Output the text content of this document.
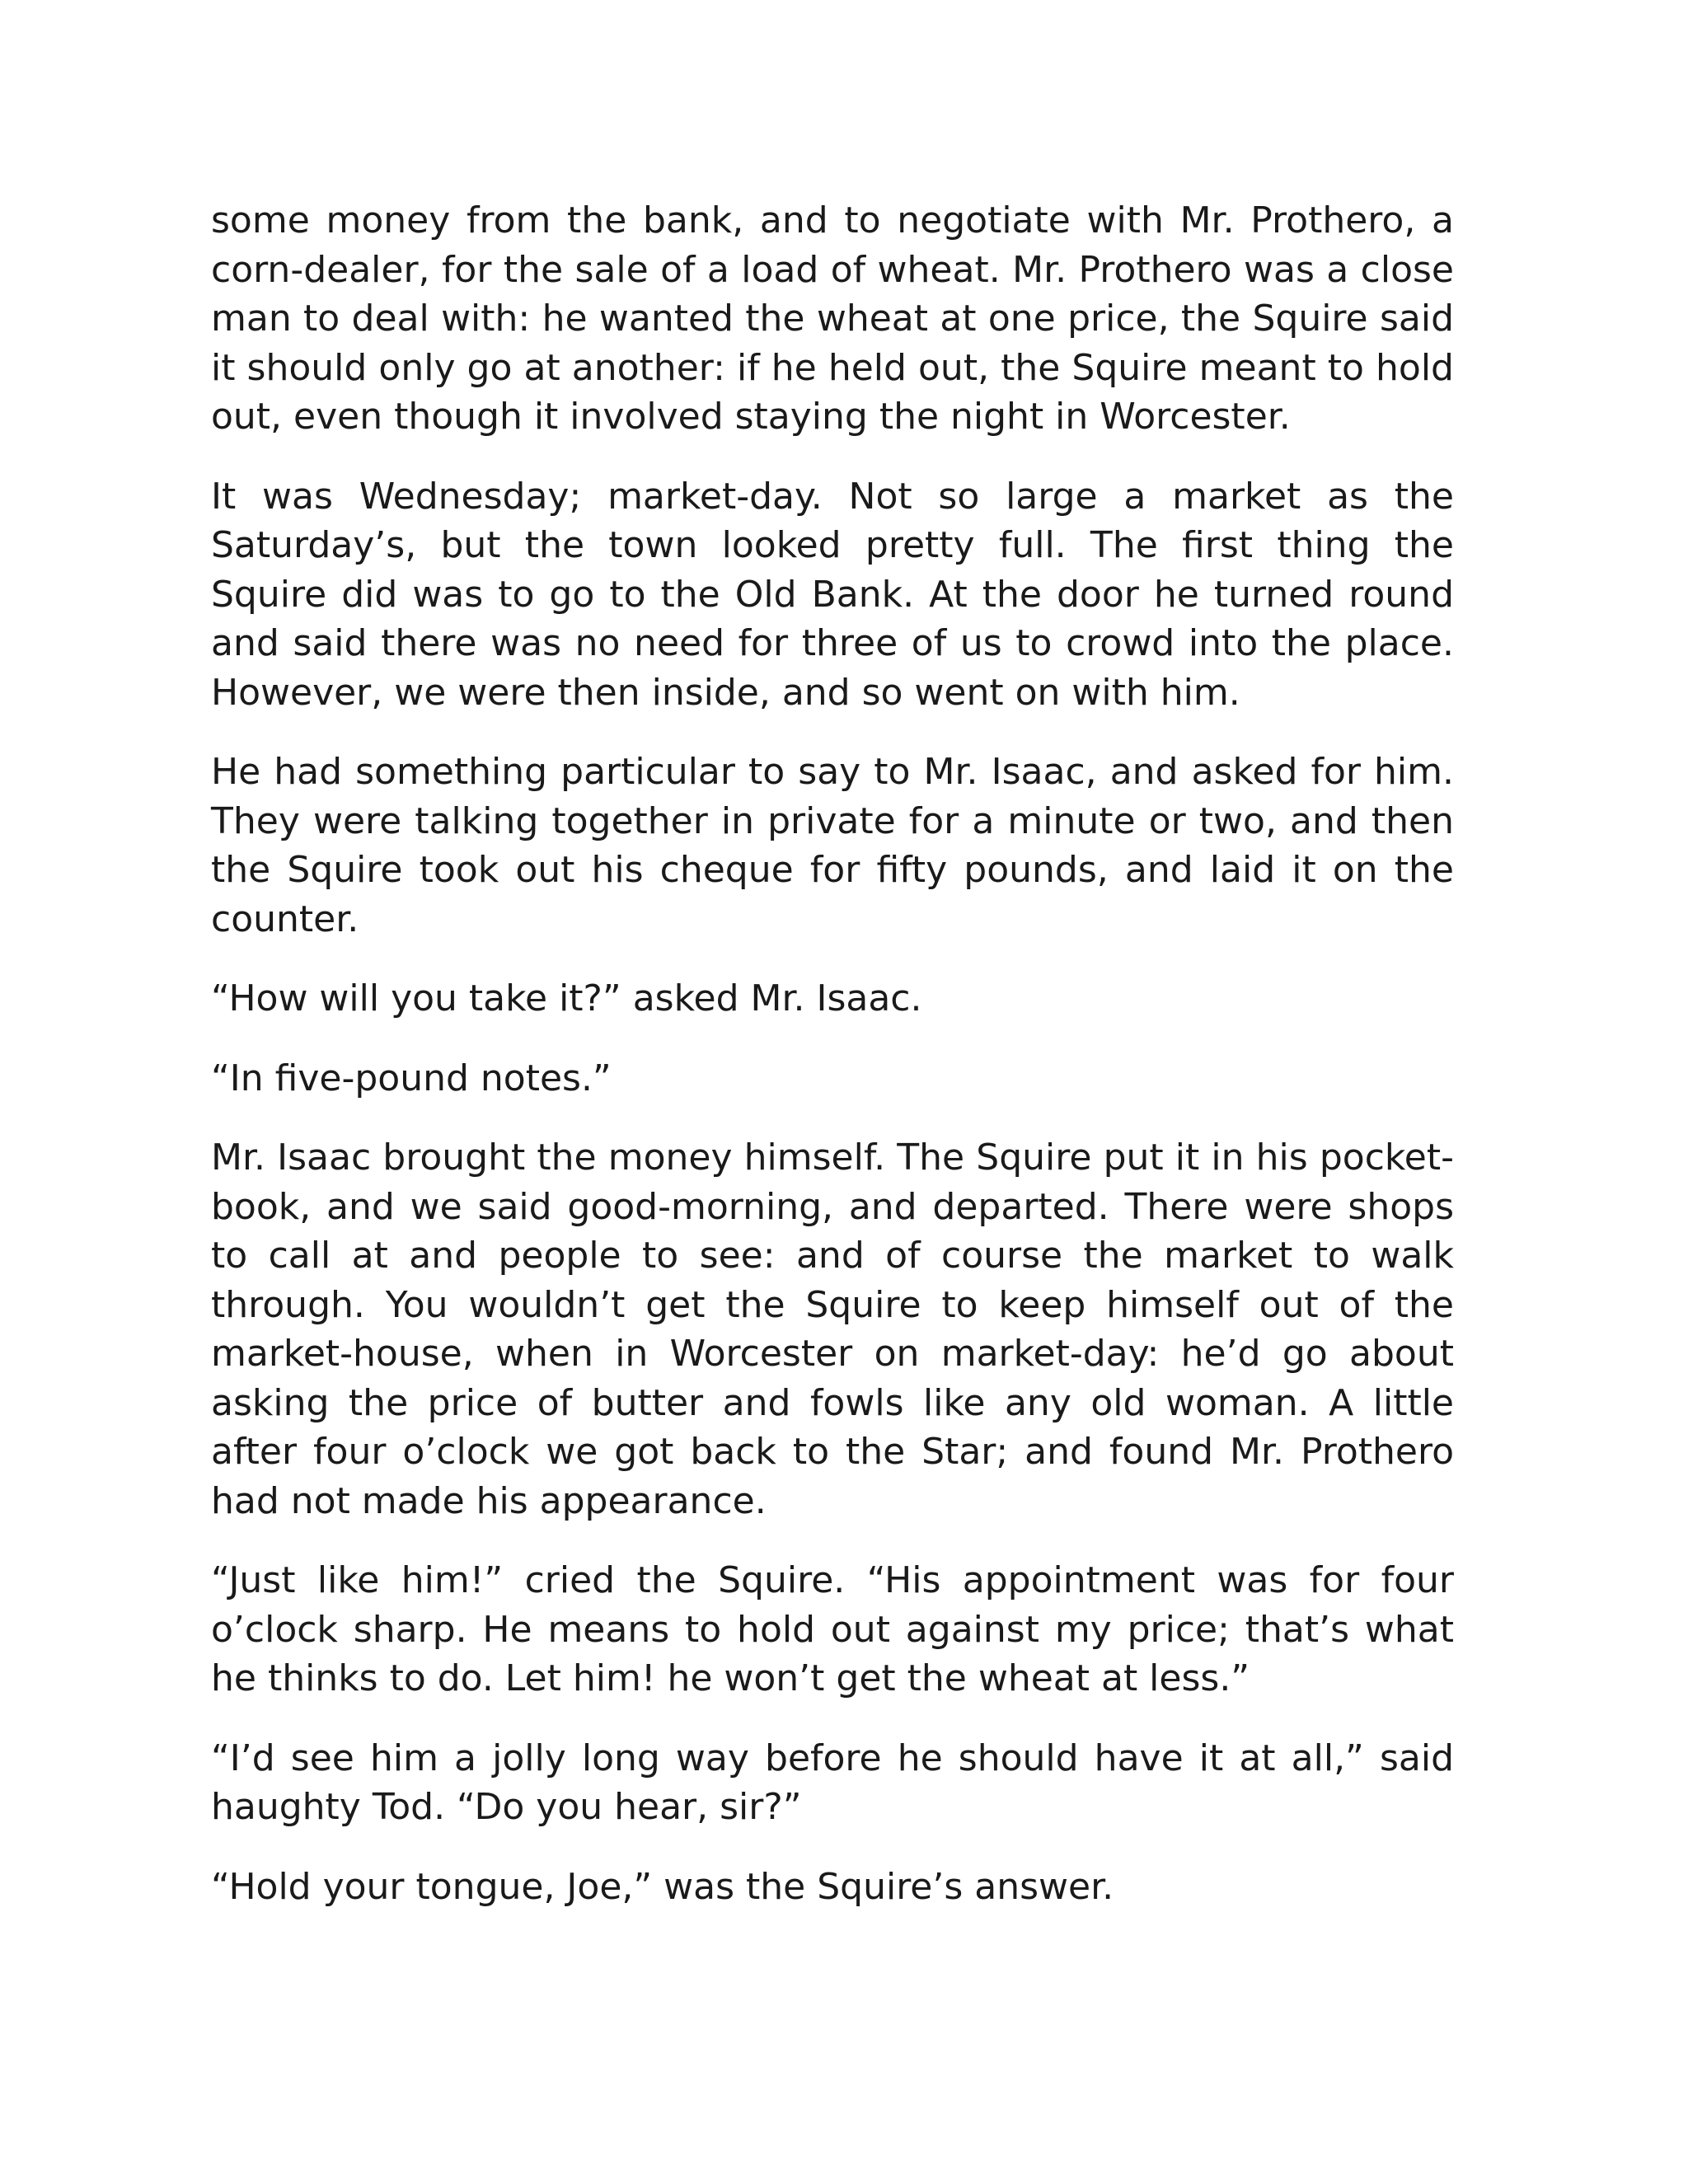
some money from the bank, and to negotiate with Mr. Prothero, a corn-dealer, for the sale of a load of wheat. Mr. Prothero was a close man to deal with: he wanted the wheat at one price, the Squire said it should only go at another: if he held out, the Squire meant to hold out, even though it involved staying the night in Worcester.

It was Wednesday; market-day. Not so large a market as the Saturday’s, but the town looked pretty full. The first thing the Squire did was to go to the Old Bank. At the door he turned round and said there was no need for three of us to crowd into the place. However, we were then inside, and so went on with him.

He had something particular to say to Mr. Isaac, and asked for him. They were talking together in private for a minute or two, and then the Squire took out his cheque for fifty pounds, and laid it on the counter.

“How will you take it?” asked Mr. Isaac.

“In five-pound notes.”

Mr. Isaac brought the money himself. The Squire put it in his pocket-book, and we said good-morning, and departed. There were shops to call at and people to see: and of course the market to walk through. You wouldn’t get the Squire to keep himself out of the market-house, when in Worcester on market-day: he’d go about asking the price of butter and fowls like any old woman. A little after four o’clock we got back to the Star; and found Mr. Prothero had not made his appearance.

“Just like him!” cried the Squire. “His appointment was for four o’clock sharp. He means to hold out against my price; that’s what he thinks to do. Let him! he won’t get the wheat at less.”

“I’d see him a jolly long way before he should have it at all,” said haughty Tod. “Do you hear, sir?”

“Hold your tongue, Joe,” was the Squire’s answer.
